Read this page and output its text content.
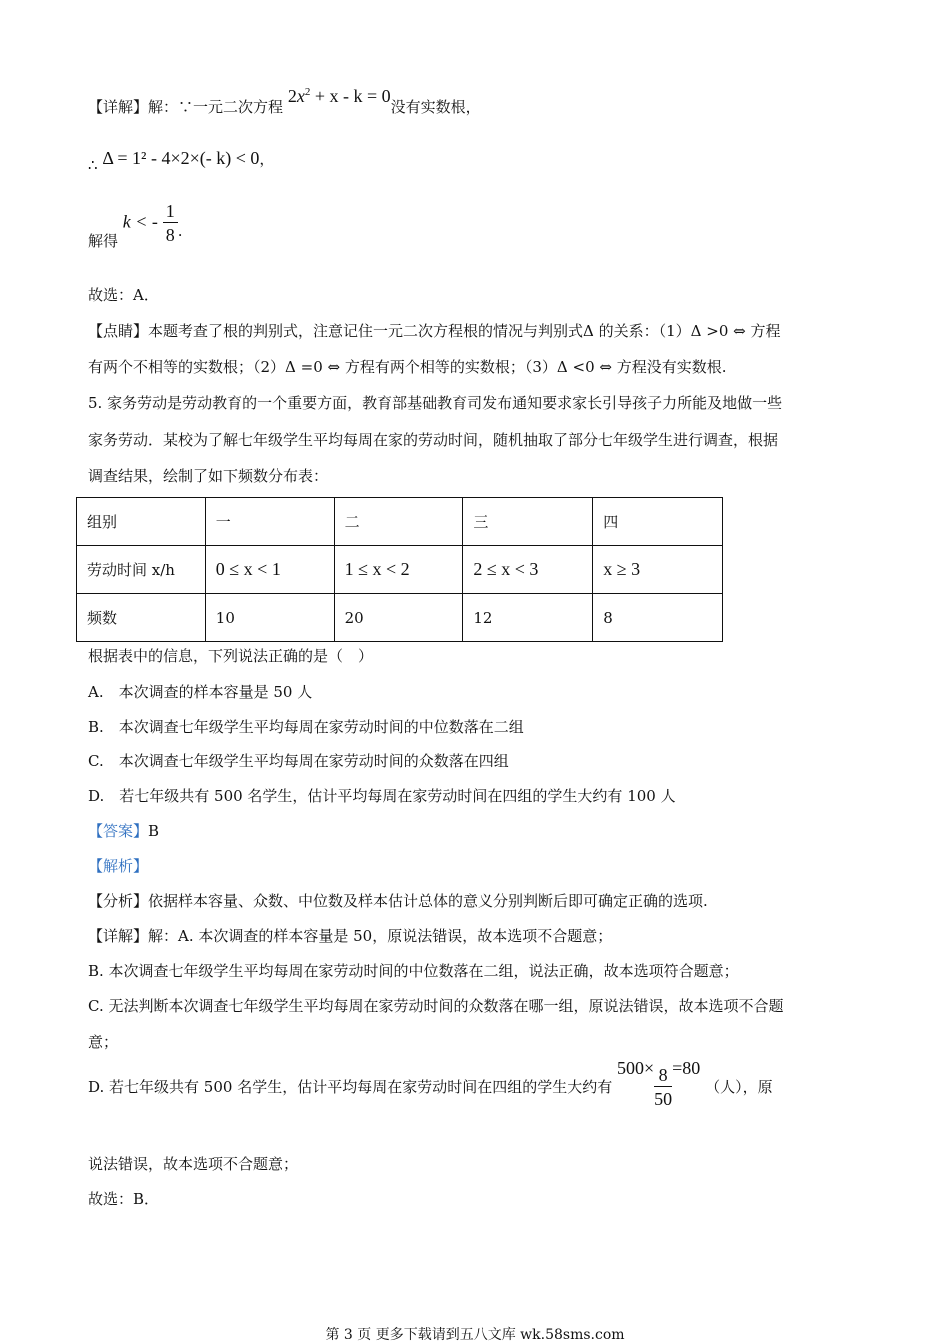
【详解】解：∵一元二次方程 $2x^2 + x - k = 0$没有实数根，
∴ Δ = 1² - 4×2×(- k) < 0，
解得 k < - $\frac{1}{8}$ .
故选：A．
【点睛】本题考查了根的判别式，注意记住一元二次方程根的情况与判别式Δ 的关系：（1）Δ >0 ⇔ 方程
有两个不相等的实数根；（2）Δ =0 ⇔ 方程有两个相等的实数根；（3）Δ <0 ⇔ 方程没有实数根.
5. 家务劳动是劳动教育的一个重要方面，教育部基础教育司发布通知要求家长引导孩子力所能及地做一些
家务劳动．某校为了解七年级学生平均每周在家的劳动时间，随机抽取了部分七年级学生进行调查，根据
调查结果，绘制了如下频数分布表：
组别	一	二	三	四
劳动时间 x/h	0 ≤ x < 1	1 ≤ x < 2	2 ≤ x < 3	x ≥ 3
频数	10	20	12	8
根据表中的信息，下列说法正确的是（　）
A.　本次调查的样本容量是 50 人
B.　本次调查七年级学生平均每周在家劳动时间的中位数落在二组
C.　本次调查七年级学生平均每周在家劳动时间的众数落在四组
D.　若七年级共有 500 名学生，估计平均每周在家劳动时间在四组的学生大约有 100 人
【答案】B
【解析】
【分析】依据样本容量、众数、中位数及样本估计总体的意义分别判断后即可确定正确的选项.
【详解】解：A. 本次调查的样本容量是 50，原说法错误，故本选项不合题意；
B. 本次调查七年级学生平均每周在家劳动时间的中位数落在二组，说法正确，故本选项符合题意；
C. 无法判断本次调查七年级学生平均每周在家劳动时间的众数落在哪一组，原说法错误，故本选项不合题
意；
D. 若七年级共有 500 名学生，估计平均每周在家劳动时间在四组的学生大约有 $500\times \frac{8}{50} =80$ （人），原
说法错误，故本选项不合题意；
故选：B．
第 3 页 更多下载请到五八文库 wk.58sms.com
